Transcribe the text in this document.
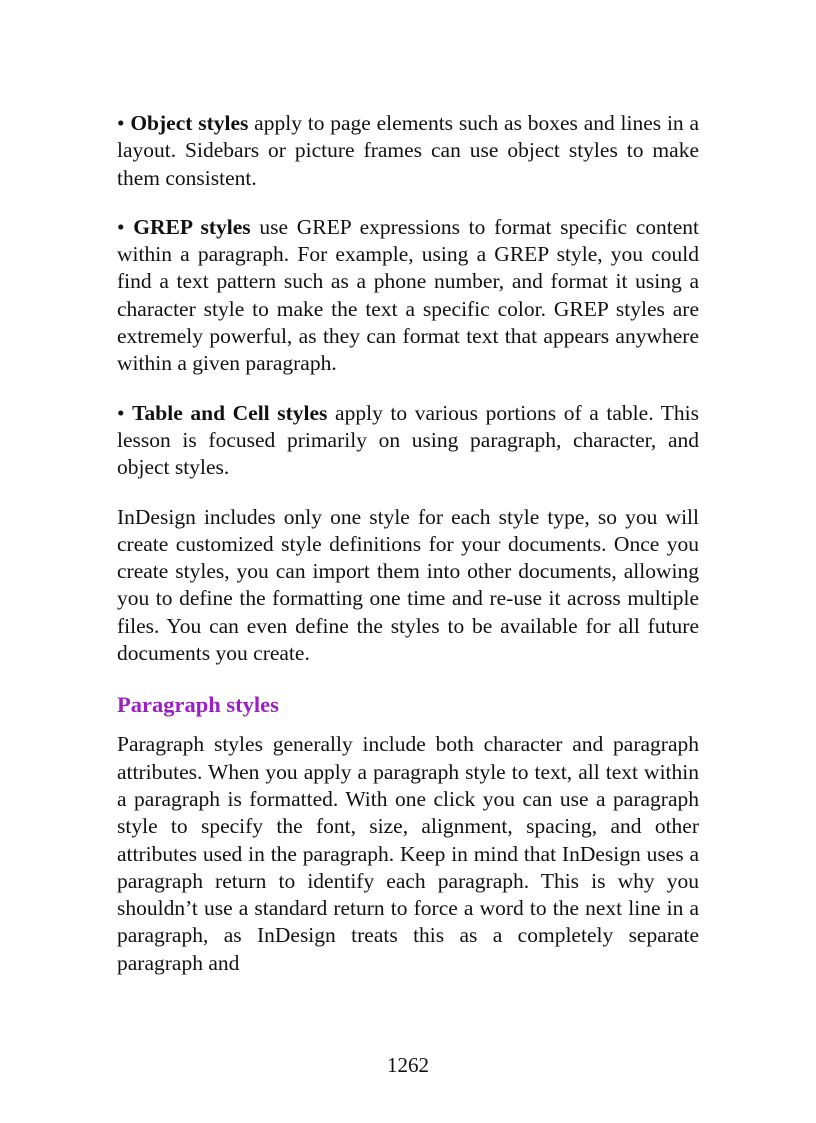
• Object styles apply to page elements such as boxes and lines in a layout. Sidebars or picture frames can use object styles to make them consistent.

• GREP styles use GREP expressions to format specific content within a paragraph. For example, using a GREP style, you could find a text pattern such as a phone number, and format it using a character style to make the text a specific color. GREP styles are extremely powerful, as they can format text that appears anywhere within a given paragraph.

• Table and Cell styles apply to various portions of a table. This lesson is focused primarily on using paragraph, character, and object styles.

InDesign includes only one style for each style type, so you will create customized style definitions for your documents. Once you create styles, you can import them into other documents, allowing you to define the formatting one time and re-use it across multiple files. You can even define the styles to be available for all future documents you create.

Paragraph styles

Paragraph styles generally include both character and paragraph attributes. When you apply a paragraph style to text, all text within a paragraph is formatted. With one click you can use a paragraph style to specify the font, size, alignment, spacing, and other attributes used in the paragraph. Keep in mind that InDesign uses a paragraph return to identify each paragraph. This is why you shouldn’t use a standard return to force a word to the next line in a paragraph, as InDesign treats this as a completely separate paragraph and

1262
